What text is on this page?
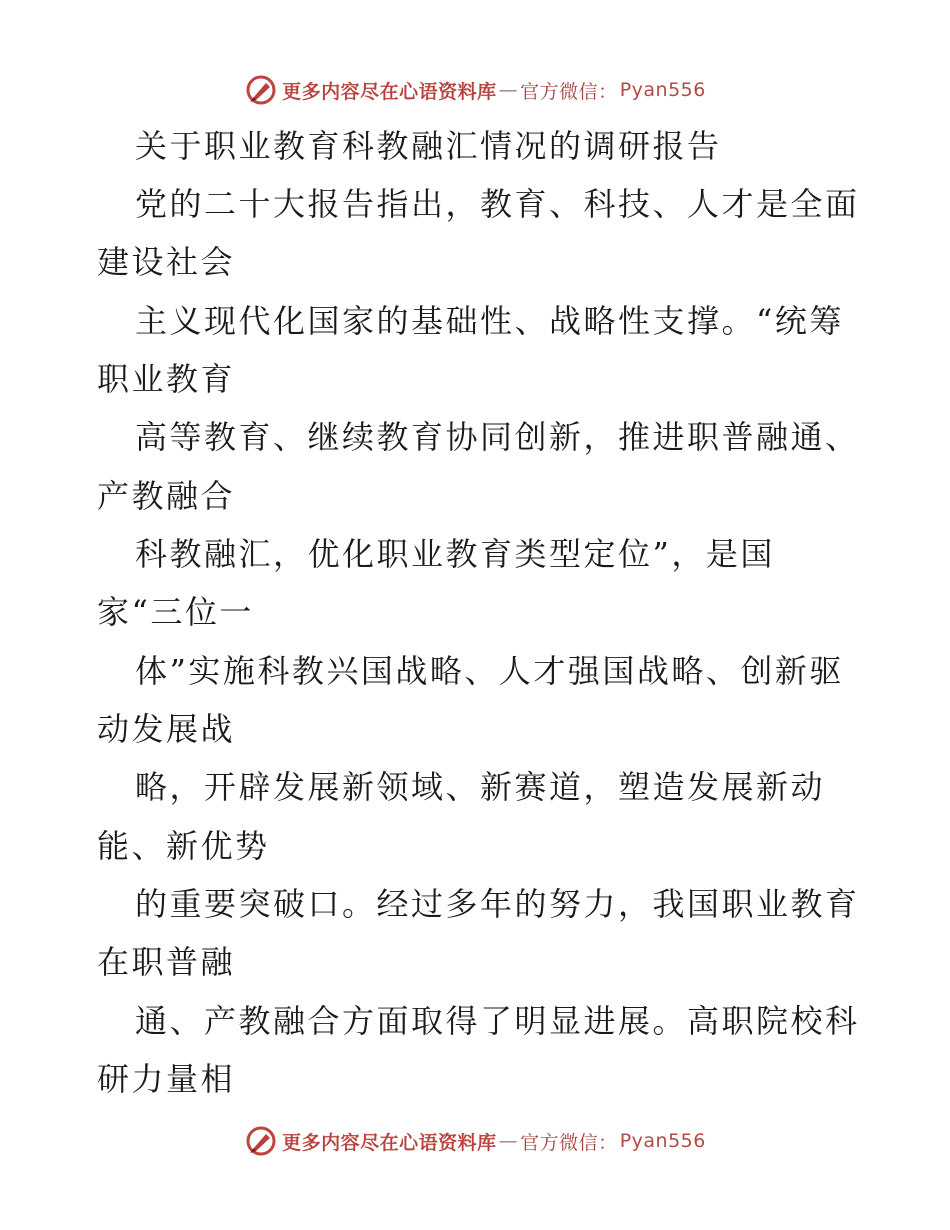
更多内容尽在心语资料库 — 官方微信： Pyan556
关于职业教育科教融汇情况的调研报告
党的二十大报告指出，教育、科技、人才是全面
建设社会
主义现代化国家的基础性、战略性支撑。“统筹
职业教育
高等教育、继续教育协同创新，推进职普融通、
产教融合
科教融汇，优化职业教育类型定位”，是国
家“三位一
体”实施科教兴国战略、人才强国战略、创新驱
动发展战
略，开辟发展新领域、新赛道，塑造发展新动
能、新优势
的重要突破口。经过多年的努力，我国职业教育
在职普融
通、产教融合方面取得了明显进展。高职院校科
研力量相
更多内容尽在心语资料库 — 官方微信： Pyan556
